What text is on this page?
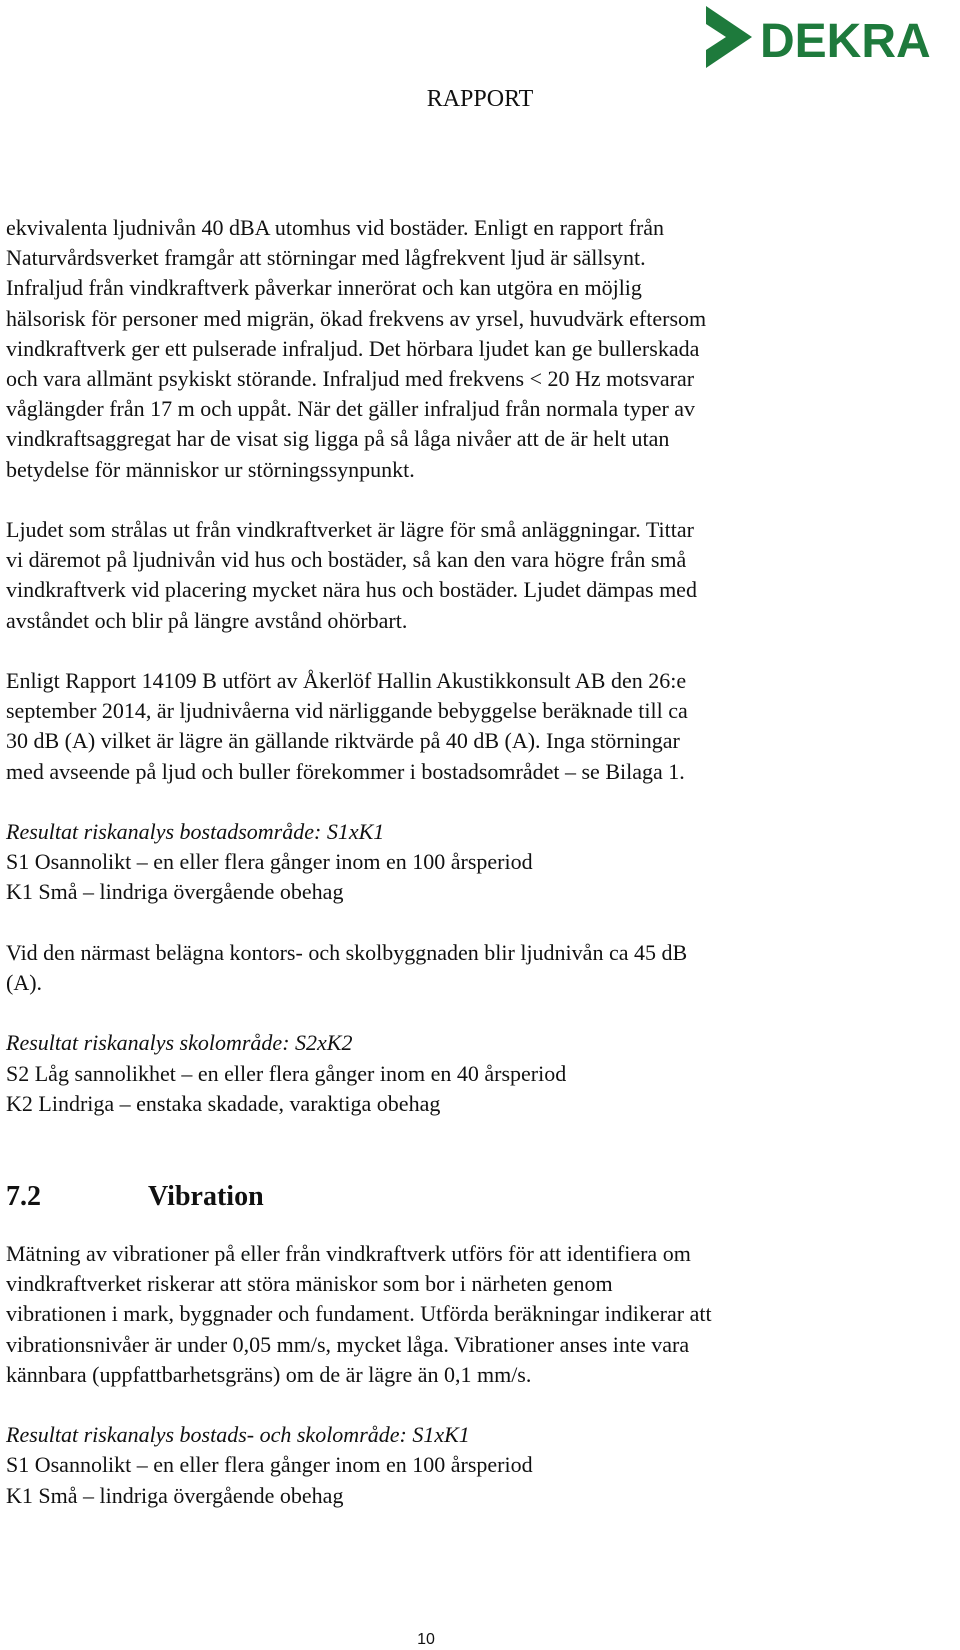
DEKRA
RAPPORT

ekvivalenta ljudnivån 40 dBA utomhus vid bostäder. Enligt en rapport från
Naturvårdsverket framgår att störningar med lågfrekvent ljud är sällsynt.
Infraljud från vindkraftverk påverkar innerörat och kan utgöra en möjlig
hälsorisk för personer med migrän, ökad frekvens av yrsel, huvudvärk eftersom
vindkraftverk ger ett pulserade infraljud. Det hörbara ljudet kan ge bullerskada
och vara allmänt psykiskt störande. Infraljud med frekvens < 20 Hz motsvarar
våglängder från 17 m och uppåt. När det gäller infraljud från normala typer av
vindkraftsaggregat har de visat sig ligga på så låga nivåer att de är helt utan
betydelse för människor ur störningssynpunkt.

Ljudet som strålas ut från vindkraftverket är lägre för små anläggningar. Tittar
vi däremot på ljudnivån vid hus och bostäder, så kan den vara högre från små
vindkraftverk vid placering mycket nära hus och bostäder. Ljudet dämpas med
avståndet och blir på längre avstånd ohörbart.

Enligt Rapport 14109 B utfört av Åkerlöf Hallin Akustikkonsult AB den 26:e
september 2014, är ljudnivåerna vid närliggande bebyggelse beräknade till ca
30 dB (A) vilket är lägre än gällande riktvärde på 40 dB (A). Inga störningar
med avseende på ljud och buller förekommer i bostadsområdet – se Bilaga 1.

Resultat riskanalys bostadsområde: S1xK1
S1 Osannolikt – en eller flera gånger inom en 100 årsperiod
K1 Små – lindriga övergående obehag

Vid den närmast belägna kontors- och skolbyggnaden blir ljudnivån ca 45 dB
(A).

Resultat riskanalys skolområde: S2xK2
S2 Låg sannolikhet – en eller flera gånger inom en 40 årsperiod
K2 Lindriga – enstaka skadade, varaktiga obehag

7.2	Vibration

Mätning av vibrationer på eller från vindkraftverk utförs för att identifiera om
vindkraftverket riskerar att störa mäniskor som bor i närheten genom
vibrationen i mark, byggnader och fundament. Utförda beräkningar indikerar att
vibrationsnivåer är under 0,05 mm/s, mycket låga. Vibrationer anses inte vara
kännbara (uppfattbarhetsgräns) om de är lägre än 0,1 mm/s.

Resultat riskanalys bostads- och skolområde: S1xK1
S1 Osannolikt – en eller flera gånger inom en 100 årsperiod
K1 Små – lindriga övergående obehag

10
